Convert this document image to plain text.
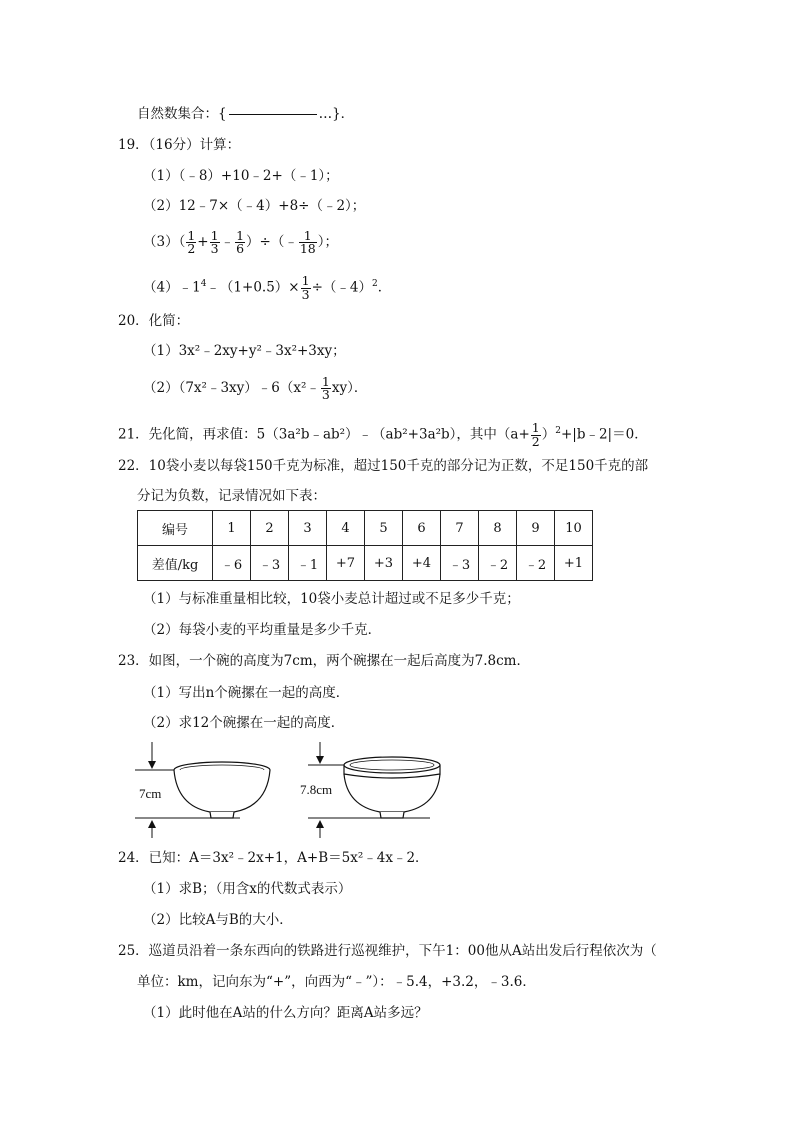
自然数集合：{	…}．
19．（16分）计算：
（1）（﹣8）+10﹣2+（﹣1）；
（2）12﹣7×（﹣4）+8÷（﹣2）；
$(3)( \frac{1}{2} + \frac{1}{3}$ ﹣ $\frac{1}{6}$ ）÷（﹣ $\frac{1}{18}$ ）；
$(4)﹣1^4﹣(1+0.5)\times \frac{1}{3}$ ÷（﹣4）$^2$．
20．化简：
（1）3x²﹣2xy+y²﹣3x²+3xy；
（2）（7x²﹣3xy）﹣6（x²﹣ $\frac{1}{3} xy$）．
21．先化简，再求值：5（3a²b﹣ab²）﹣（ab²+3a²b），其中（$a+ \frac{1}{2}$ ）$^2+|b﹣2|=0$．
22．10袋小麦以每袋150千克为标准，超过150千克的部分记为正数，不足150千克的部
分记为负数，记录情况如下表：
编号	1	2	3	4	5	6	7	8	9	10
差值/kg	﹣6	﹣3	﹣1	+7	+3	+4	﹣3	﹣2	﹣2	+1
（1）与标准重量相比较，10袋小麦总计超过或不足多少千克；
（2）每袋小麦的平均重量是多少千克．
23．如图，一个碗的高度为7cm，两个碗摞在一起后高度为7.8cm．
（1）写出n个碗摞在一起的高度．
（2）求12个碗摞在一起的高度．
7cm	7.8cm
24．已知：A＝3x²﹣2x+1，A+B＝5x²﹣4x﹣2．
（1）求B；（用含x的代数式表示）
（2）比较A与B的大小．
25．巡道员沿着一条东西向的铁路进行巡视维护，下午1：00他从A站出发后行程依次为（
单位：km，记向东为“+”，向西为“﹣”）：﹣5.4，+3.2，﹣3.6．
（1）此时他在A站的什么方向？距离A站多远？
